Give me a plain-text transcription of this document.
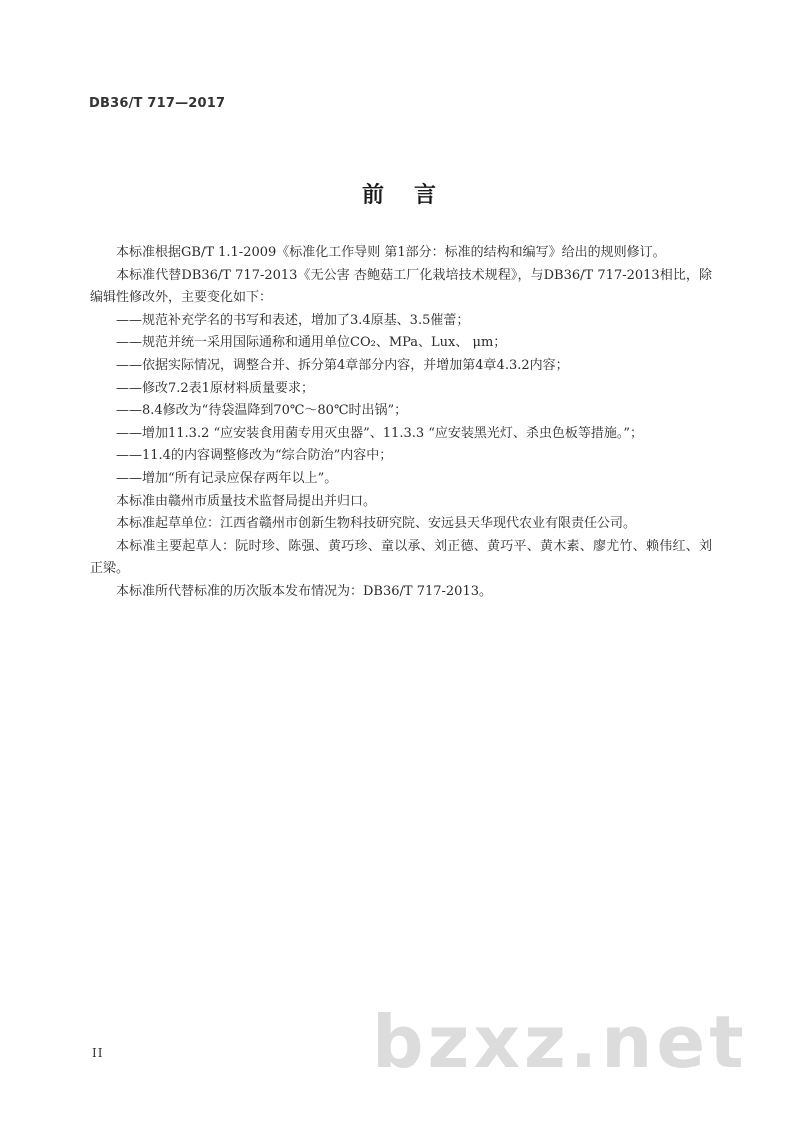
DB36/T 717—2017
前 言

本标准根据GB/T 1.1-2009《标准化工作导则 第1部分：标准的结构和编写》给出的规则修订。

本标准代替DB36/T 717-2013《无公害 杏鲍菇工厂化栽培技术规程》，与DB36/T 717-2013相比，除编辑性修改外，主要变化如下：

——规范补充学名的书写和表述，增加了3.4原基、3.5催蕾；

——规范并统一采用国际通称和通用单位CO₂、MPa、Lux、 μm；

——依据实际情况，调整合并、拆分第4章部分内容，并增加第4章4.3.2内容；

——修改7.2表1原材料质量要求；

——8.4修改为“待袋温降到70℃～80℃时出锅”；

——增加11.3.2 “应安装食用菌专用灭虫器”、11.3.3 “应安装黑光灯、杀虫色板等措施。”；

——11.4的内容调整修改为“综合防治”内容中；

——增加“所有记录应保存两年以上”。

本标准由赣州市质量技术监督局提出并归口。

本标准起草单位：江西省赣州市创新生物科技研究院、安远县天华现代农业有限责任公司。

本标准主要起草人：阮时珍、陈强、黄巧珍、童以承、刘正德、黄巧平、黄木素、廖尤竹、赖伟红、刘正梁。

本标准所代替标准的历次版本发布情况为：DB36/T 717-2013。

II	bzxz.net
